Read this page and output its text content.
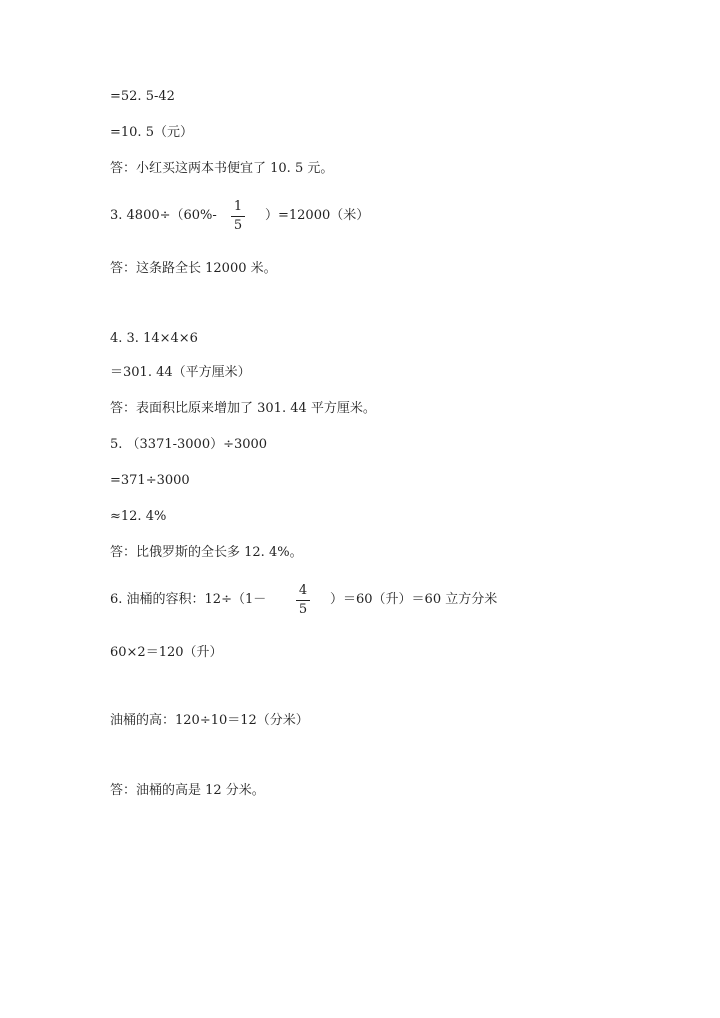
=52. 5-42
=10. 5（元）
答：小红买这两本书便宜了 10. 5 元。
3. 4800÷（60%-
1
5
）=12000（米）
答：这条路全长 12000 米。
4. 3. 14×4×6
＝301. 44（平方厘米）
答：表面积比原来增加了 301. 44 平方厘米。
5. （3371-3000）÷3000
=371÷3000
≈12. 4%
答：比俄罗斯的全长多 12. 4%。
6. 油桶的容积：12÷（1－
4
5
）＝60（升）＝60 立方分米
60×2＝120（升）
油桶的高：120÷10＝12（分米）
答：油桶的高是 12 分米。
